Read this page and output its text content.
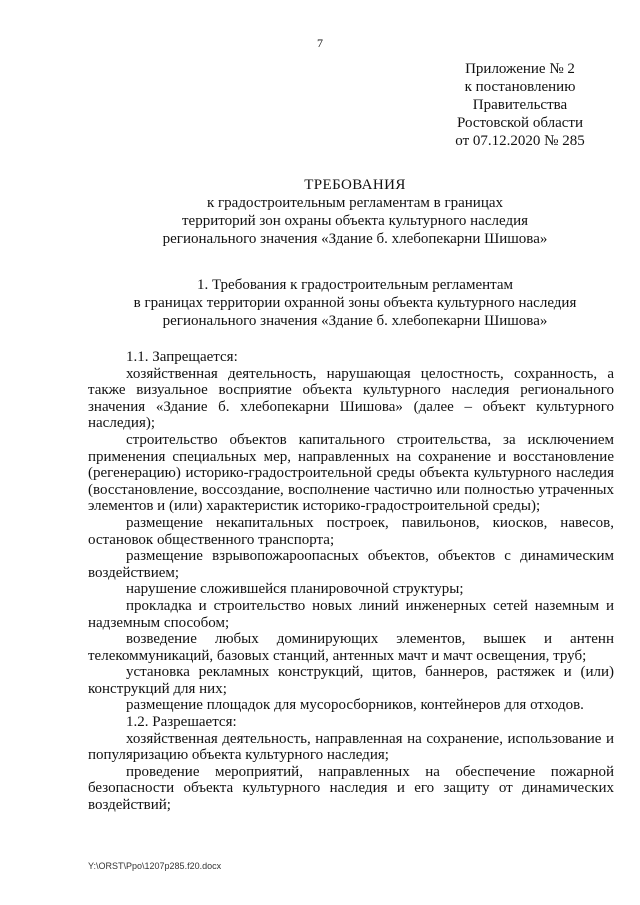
7
Приложение № 2
к постановлению
Правительства
Ростовской области
от 07.12.2020 № 285
ТРЕБОВАНИЯ
к градостроительным регламентам в границах
территорий зон охраны объекта культурного наследия
регионального значения «Здание б. хлебопекарни Шишова»
1. Требования к градостроительным регламентам
в границах территории охранной зоны объекта культурного наследия
регионального значения «Здание б. хлебопекарни Шишова»

1.1. Запрещается:

хозяйственная деятельность, нарушающая целостность, сохранность, а также визуальное восприятие объекта культурного наследия регионального значения «Здание б. хлебопекарни Шишова» (далее – объект культурного наследия);

строительство объектов капитального строительства, за исключением применения специальных мер, направленных на сохранение и восстановление (регенерацию) историко-градостроительной среды объекта культурного наследия (восстановление, воссоздание, восполнение частично или полностью утраченных элементов и (или) характеристик историко-градостроительной среды);

размещение некапитальных построек, павильонов, киосков, навесов, остановок общественного транспорта;

размещение взрывопожароопасных объектов, объектов с динамическим воздействием;

нарушение сложившейся планировочной структуры;

прокладка и строительство новых линий инженерных сетей наземным и надземным способом;

возведение любых доминирующих элементов, вышек и антенн телекоммуникаций, базовых станций, антенных мачт и мачт освещения, труб;

установка рекламных конструкций, щитов, баннеров, растяжек и (или) конструкций для них;

размещение площадок для мусоросборников, контейнеров для отходов.

1.2. Разрешается:

хозяйственная деятельность, направленная на сохранение, использование и популяризацию объекта культурного наследия;

проведение мероприятий, направленных на обеспечение пожарной безопасности объекта культурного наследия и его защиту от динамических воздействий;

Y:\ORST\Ppo\1207p285.f20.docx
